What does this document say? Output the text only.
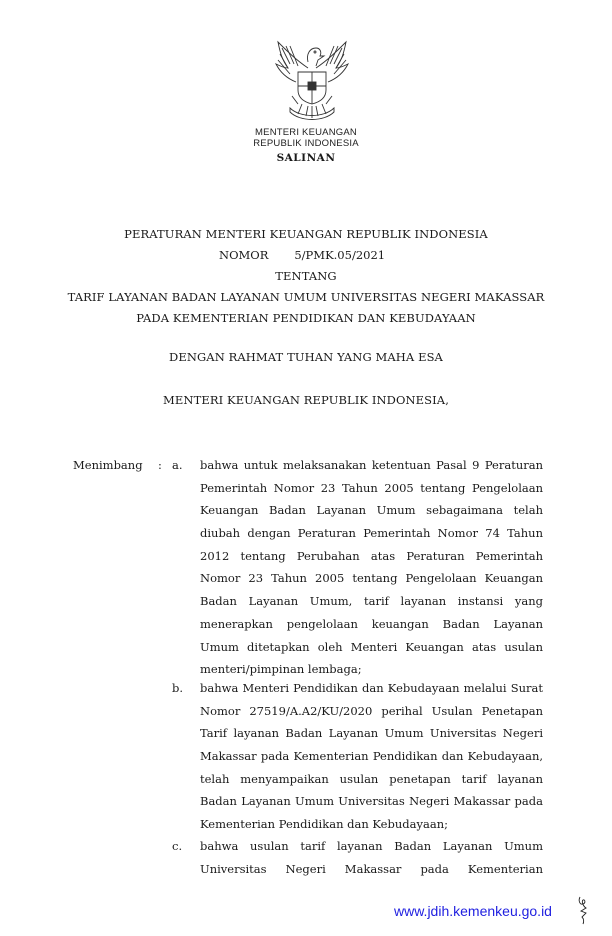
MENTERI KEUANGAN
REPUBLIK INDONESIA
SALINAN
PERATURAN MENTERI KEUANGAN REPUBLIK INDONESIA
NOMOR 5/PMK.05/2021
TENTANG
TARIF LAYANAN BADAN LAYANAN UMUM UNIVERSITAS NEGERI MAKASSAR
PADA KEMENTERIAN PENDIDIKAN DAN KEBUDAYAAN
DENGAN RAHMAT TUHAN YANG MAHA ESA
MENTERI KEUANGAN REPUBLIK INDONESIA,
Menimbang : a. bahwa untuk melaksanakan ketentuan Pasal 9 Peraturan
Pemerintah Nomor 23 Tahun 2005 tentang Pengelolaan
Keuangan Badan Layanan Umum sebagaimana telah
diubah dengan Peraturan Pemerintah Nomor 74 Tahun
2012 tentang Perubahan atas Peraturan Pemerintah
Nomor 23 Tahun 2005 tentang Pengelolaan Keuangan
Badan Layanan Umum, tarif layanan instansi yang
menerapkan pengelolaan keuangan Badan Layanan
Umum ditetapkan oleh Menteri Keuangan atas usulan
menteri/pimpinan lembaga;
b. bahwa Menteri Pendidikan dan Kebudayaan melalui Surat
Nomor 27519/A.A2/KU/2020 perihal Usulan Penetapan
Tarif layanan Badan Layanan Umum Universitas Negeri
Makassar pada Kementerian Pendidikan dan Kebudayaan,
telah menyampaikan usulan penetapan tarif layanan
Badan Layanan Umum Universitas Negeri Makassar pada
Kementerian Pendidikan dan Kebudayaan;
c. bahwa usulan tarif layanan Badan Layanan Umum
Universitas Negeri Makassar pada Kementerian
www.jdih.kemenkeu.go.id
